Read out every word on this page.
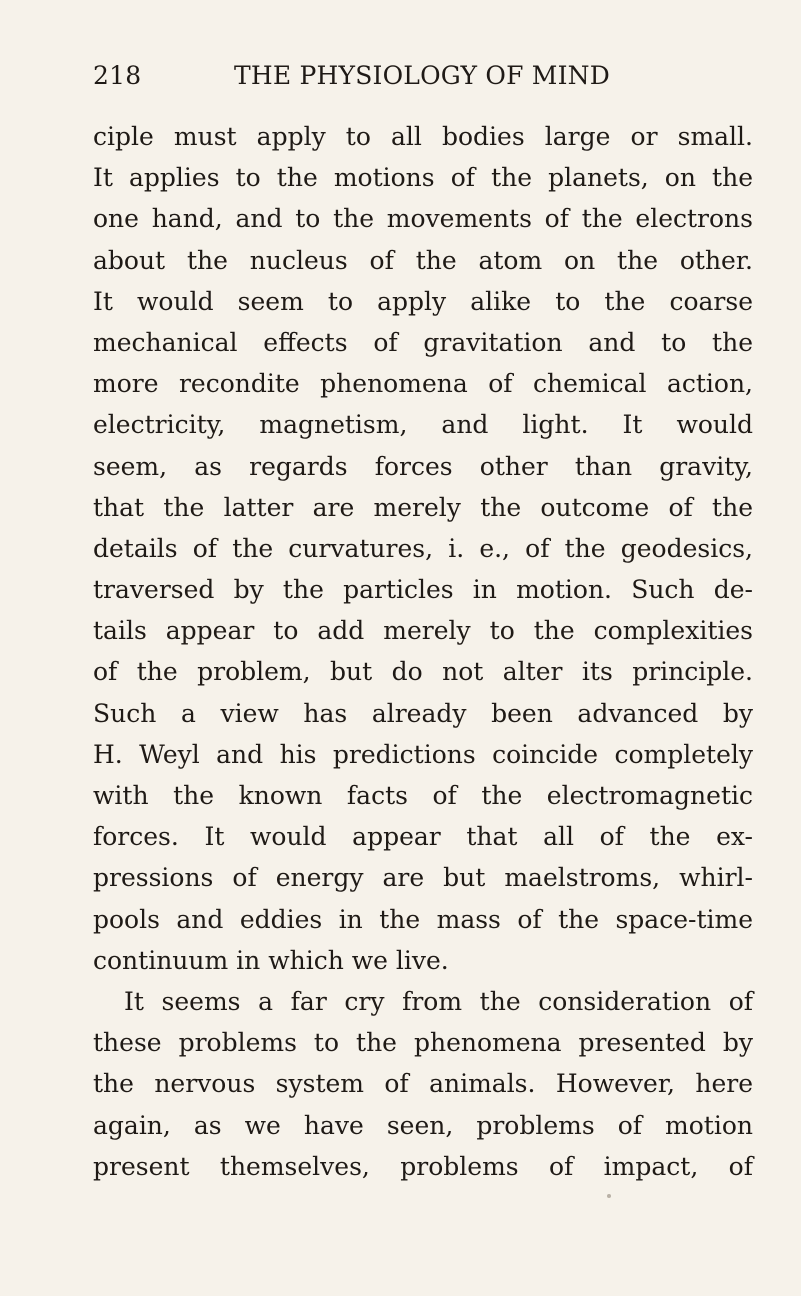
218	THE PHYSIOLOGY OF MIND
ciple must apply to all bodies large or small.
It applies to the motions of the planets, on the
one hand, and to the movements of the electrons
about the nucleus of the atom on the other.
It would seem to apply alike to the coarse
mechanical effects of gravitation and to the
more recondite phenomena of chemical action,
electricity, magnetism, and light. It would
seem, as regards forces other than gravity,
that the latter are merely the outcome of the
details of the curvatures, i. e., of the geodesics,
traversed by the particles in motion. Such de-
tails appear to add merely to the complexities
of the problem, but do not alter its principle.
Such a view has already been advanced by
H. Weyl and his predictions coincide completely
with the known facts of the electromagnetic
forces. It would appear that all of the ex-
pressions of energy are but maelstroms, whirl-
pools and eddies in the mass of the space-time
continuum in which we live.
It seems a far cry from the consideration of
these problems to the phenomena presented by
the nervous system of animals. However, here
again, as we have seen, problems of motion
present themselves, problems of impact, of
